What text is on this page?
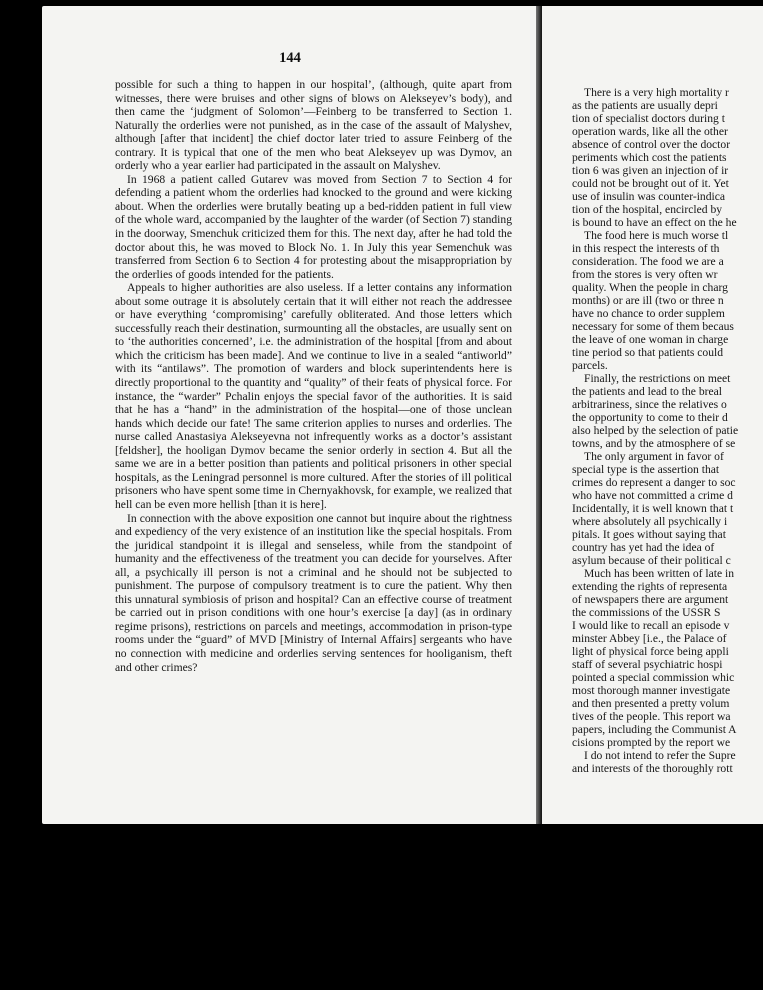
144

possible for such a thing to happen in our hospital’, (although, quite apart from witnesses, there were bruises and other signs of blows on Alekseyev’s body), and then came the ‘judgment of Solomon’—Feinberg to be transferred to Section 1. Naturally the orderlies were not punished, as in the case of the assault of Malyshev, although [after that incident] the chief doctor later tried to assure Feinberg of the contrary. It is typical that one of the men who beat Alekseyev up was Dymov, an orderly who a year earlier had participated in the assault on Malyshev.

In 1968 a patient called Gutarev was moved from Section 7 to Section 4 for defending a patient whom the orderlies had knocked to the ground and were kicking about. When the orderlies were brutally beating up a bed-ridden patient in full view of the whole ward, accompanied by the laughter of the warder (of Section 7) standing in the doorway, Smenchuk criticized them for this. The next day, after he had told the doctor about this, he was moved to Block No. 1. In July this year Semenchuk was transferred from Section 6 to Section 4 for protesting about the misappropriation by the orderlies of goods intended for the patients.

Appeals to higher authorities are also useless. If a letter contains any information about some outrage it is absolutely certain that it will either not reach the addressee or have everything ‘compromising’ carefully obliterated. And those letters which successfully reach their destination, surmounting all the obstacles, are usually sent on to ‘the authorities concerned’, i.e. the administration of the hospital [from and about which the criticism has been made]. And we continue to live in a sealed “antiworld” with its “antilaws”. The promotion of warders and block superintendents here is directly proportional to the quantity and “quality” of their feats of physical force. For instance, the “warder” Pchalin enjoys the special favor of the authorities. It is said that he has a “hand” in the administration of the hospital—one of those unclean hands which decide our fate! The same criterion applies to nurses and orderlies. The nurse called Anastasiya Alekseyevna not infrequently works as a doctor’s assistant [feldsher], the hooligan Dymov became the senior orderly in section 4. But all the same we are in a better position than patients and political prisoners in other special hospitals, as the Leningrad personnel is more cultured. After the stories of ill political prisoners who have spent some time in Chernyakhovsk, for example, we realized that hell can be even more hellish [than it is here].

In connection with the above exposition one cannot but inquire about the rightness and expediency of the very existence of an institution like the special hospitals. From the juridical standpoint it is illegal and senseless, while from the standpoint of humanity and the effectiveness of the treatment you can decide for yourselves. After all, a psychically ill person is not a criminal and he should not be subjected to punishment. The purpose of compulsory treatment is to cure the patient. Why then this unnatural symbiosis of prison and hospital? Can an effective course of treatment be carried out in prison conditions with one hour’s exercise [a day] (as in ordinary regime prisons), restrictions on parcels and meetings, accommodation in prison-type rooms under the “guard” of MVD [Ministry of Internal Affairs] sergeants who have no connection with medicine and orderlies serving sentences for hooliganism, theft and other crimes?

There is a very high mortality r
as the patients are usually depri
tion of specialist doctors during t
operation wards, like all the other
absence of control over the doctor
periments which cost the patients
tion 6 was given an injection of ir
could not be brought out of it. Yet
use of insulin was counter-indica
tion of the hospital, encircled by
is bound to have an effect on the he
The food here is much worse tl
in this respect the interests of th
consideration. The food we are a
from the stores is very often wr
quality. When the people in charg
months) or are ill (two or three n
have no chance to order supplem
necessary for some of them becaus
the leave of one woman in charge
tine period so that patients could
parcels.
Finally, the restrictions on meet
the patients and lead to the breal
arbitrariness, since the relatives o
the opportunity to come to their d
also helped by the selection of patie
towns, and by the atmosphere of se
The only argument in favor of
special type is the assertion that
crimes do represent a danger to soc
who have not committed a crime d
Incidentally, it is well known that t
where absolutely all psychically i
pitals. It goes without saying that
country has yet had the idea of
asylum because of their political c
Much has been written of late in
extending the rights of representa
of newspapers there are argument
the commissions of the USSR S
I would like to recall an episode v
minster Abbey [i.e., the Palace of
light of physical force being appli
staff of several psychiatric hospi
pointed a special commission whic
most thorough manner investigate
and then presented a pretty volum
tives of the people. This report wa
papers, including the Communist A
cisions prompted by the report we
I do not intend to refer the Supre
and interests of the thoroughly rott
